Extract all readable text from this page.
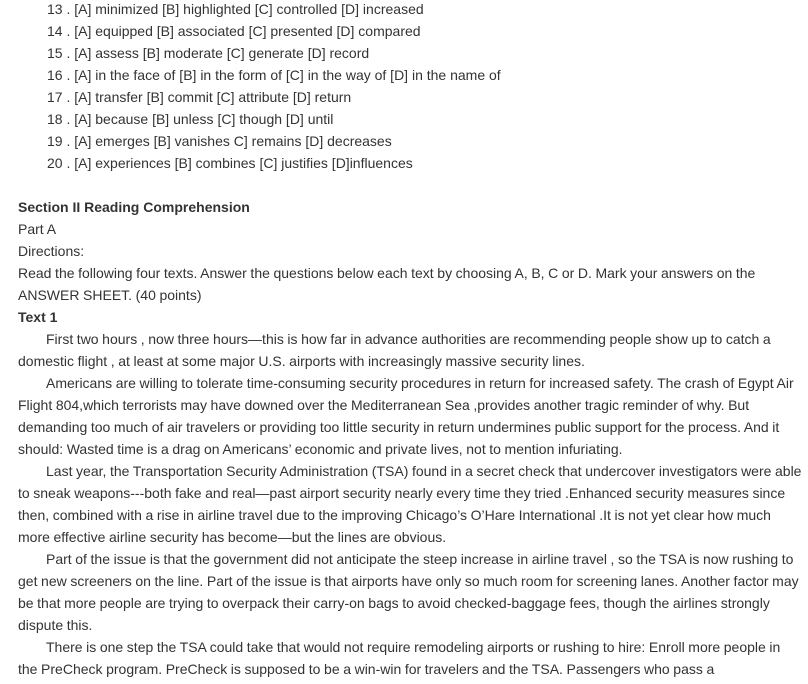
13 . [A] minimized [B] highlighted [C] controlled [D] increased
14 . [A] equipped [B] associated [C] presented [D] compared
15 . [A] assess [B] moderate [C] generate [D] record
16 . [A] in the face of [B] in the form of [C] in the way of [D] in the name of
17 . [A] transfer [B] commit [C] attribute [D] return
18 . [A] because [B] unless [C] though [D] until
19 . [A] emerges [B] vanishes C] remains [D] decreases
20 . [A] experiences [B] combines [C] justifies [D]influences
Section II Reading Comprehension
Part A
Directions:
Read the following four texts. Answer the questions below each text by choosing A, B, C or D. Mark your answers on the ANSWER SHEET. (40 points)
Text 1
First two hours , now three hours—this is how far in advance authorities are recommending people show up to catch a domestic flight , at least at some major U.S. airports with increasingly massive security lines.
Americans are willing to tolerate time-consuming security procedures in return for increased safety. The crash of Egypt Air Flight 804,which terrorists may have downed over the Mediterranean Sea ,provides another tragic reminder of why. But demanding too much of air travelers or providing too little security in return undermines public support for the process. And it should: Wasted time is a drag on Americans’ economic and private lives, not to mention infuriating.
Last year, the Transportation Security Administration (TSA) found in a secret check that undercover investigators were able to sneak weapons---both fake and real—past airport security nearly every time they tried .Enhanced security measures since then, combined with a rise in airline travel due to the improving Chicago’s O’Hare International .It is not yet clear how much more effective airline security has become—but the lines are obvious.
Part of the issue is that the government did not anticipate the steep increase in airline travel , so the TSA is now rushing to get new screeners on the line. Part of the issue is that airports have only so much room for screening lanes. Another factor may be that more people are trying to overpack their carry-on bags to avoid checked-baggage fees, though the airlines strongly dispute this.
There is one step the TSA could take that would not require remodeling airports or rushing to hire: Enroll more people in the PreCheck program. PreCheck is supposed to be a win-win for travelers and the TSA. Passengers who pass a
